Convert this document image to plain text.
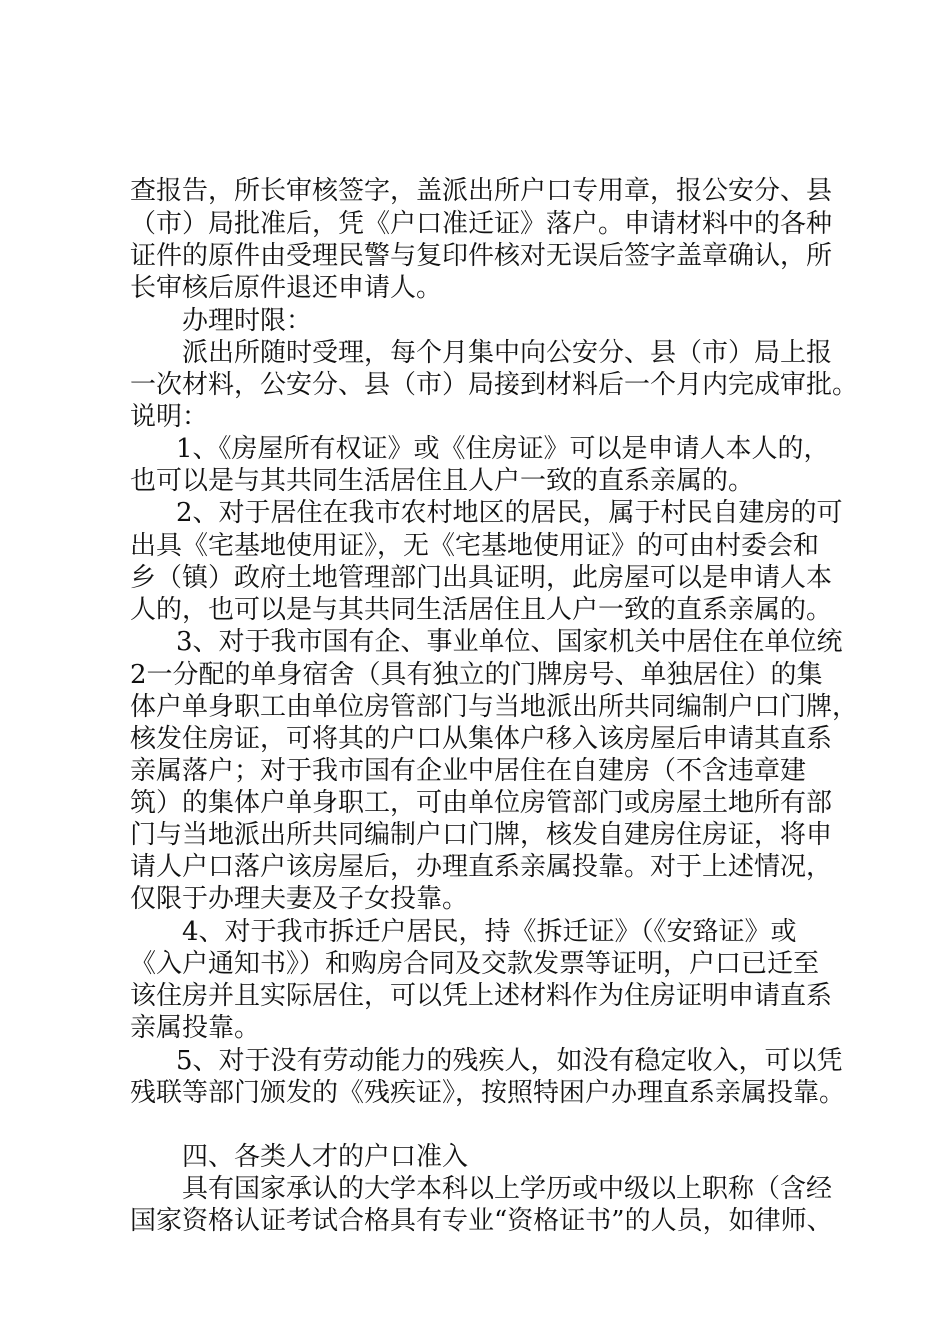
查报告，所长审核签字，盖派出所户口专用章，报公安分、县
（市）局批准后，凭《户口准迁证》落户。申请材料中的各种
证件的原件由受理民警与复印件核对无误后签字盖章确认，所
长审核后原件退还申请人。
办理时限：
派出所随时受理，每个月集中向公安分、县（市）局上报
一次材料，公安分、县（市）局接到材料后一个月内完成审批。
说明：
1、《房屋所有权证》或《住房证》可以是申请人本人的，
也可以是与其共同生活居住且人户一致的直系亲属的。
2、对于居住在我市农村地区的居民，属于村民自建房的可
出具《宅基地使用证》，无《宅基地使用证》的可由村委会和
乡（镇）政府土地管理部门出具证明，此房屋可以是申请人本
人的，也可以是与其共同生活居住且人户一致的直系亲属的。
3、对于我市国有企、事业单位、国家机关中居住在单位统
2一分配的单身宿舍（具有独立的门牌房号、单独居住）的集
体户单身职工由单位房管部门与当地派出所共同编制户口门牌，
核发住房证，可将其的户口从集体户移入该房屋后申请其直系
亲属落户；对于我市国有企业中居住在自建房（不含违章建
筑）的集体户单身职工，可由单位房管部门或房屋土地所有部
门与当地派出所共同编制户口门牌，核发自建房住房证，将申
请人户口落户该房屋后，办理直系亲属投靠。对于上述情况，
仅限于办理夫妻及子女投靠。
4、对于我市拆迁户居民，持《拆迁证》（《安臵证》或
《入户通知书》）和购房合同及交款发票等证明，户口已迁至
该住房并且实际居住，可以凭上述材料作为住房证明申请直系
亲属投靠。
5、对于没有劳动能力的残疾人，如没有稳定收入，可以凭
残联等部门颁发的《残疾证》，按照特困户办理直系亲属投靠。
四、各类人才的户口准入
具有国家承认的大学本科以上学历或中级以上职称（含经
国家资格认证考试合格具有专业“资格证书”的人员，如律师、
